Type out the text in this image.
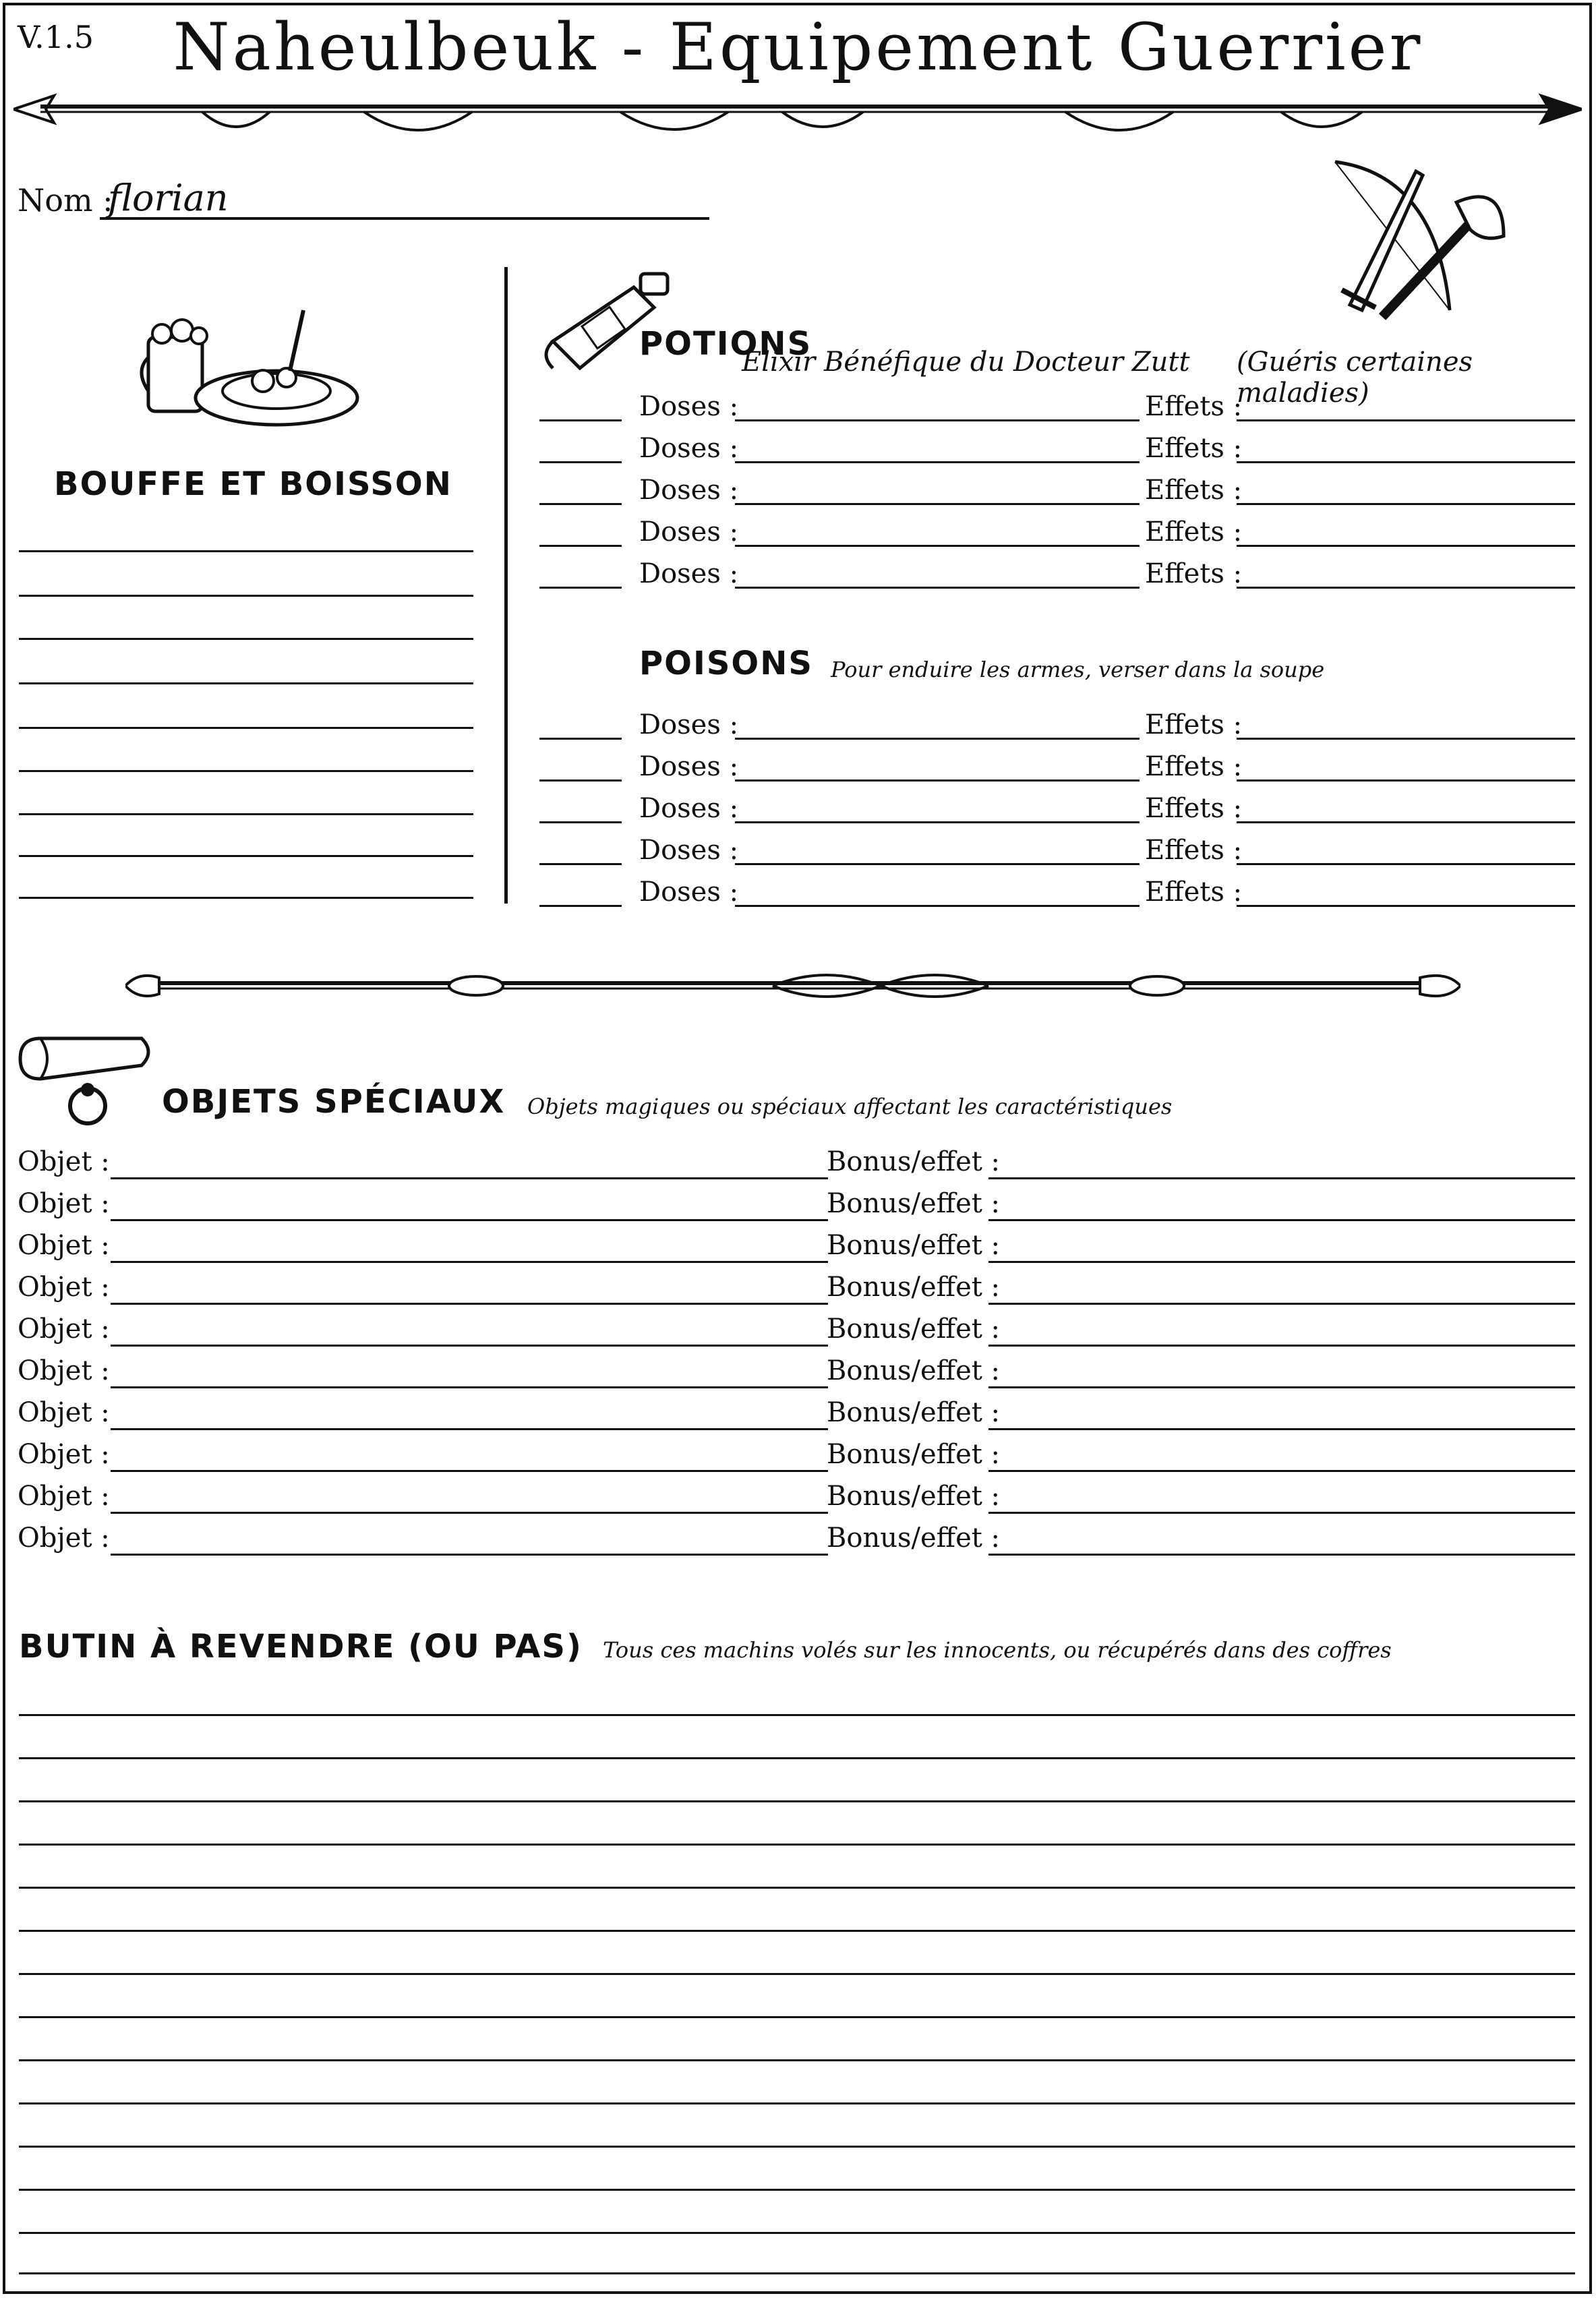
V.1.5	Naheulbeuk - Equipement Guerrier
Nom :
florian
BOUFFE ET BOISSON
POTIONS
Elixir Bénéfique du Docteur Zutt (Guéris certaines maladies)
Doses :	Effets :
Doses :	Effets :
Doses :	Effets :
Doses :	Effets :
Doses :	Effets :
POISONS Pour enduire les armes, verser dans la soupe
Doses :	Effets :
Doses :	Effets :
Doses :	Effets :
Doses :	Effets :
Doses :	Effets :
OBJETS SPÉCIAUX Objets magiques ou spéciaux affectant les caractéristiques
Objet :	Bonus/effet :
Objet :	Bonus/effet :
Objet :	Bonus/effet :
Objet :	Bonus/effet :
Objet :	Bonus/effet :
Objet :	Bonus/effet :
Objet :	Bonus/effet :
Objet :	Bonus/effet :
Objet :	Bonus/effet :
Objet :	Bonus/effet :
BUTIN À REVENDRE (OU PAS) Tous ces machins volés sur les innocents, ou récupérés dans des coffres
